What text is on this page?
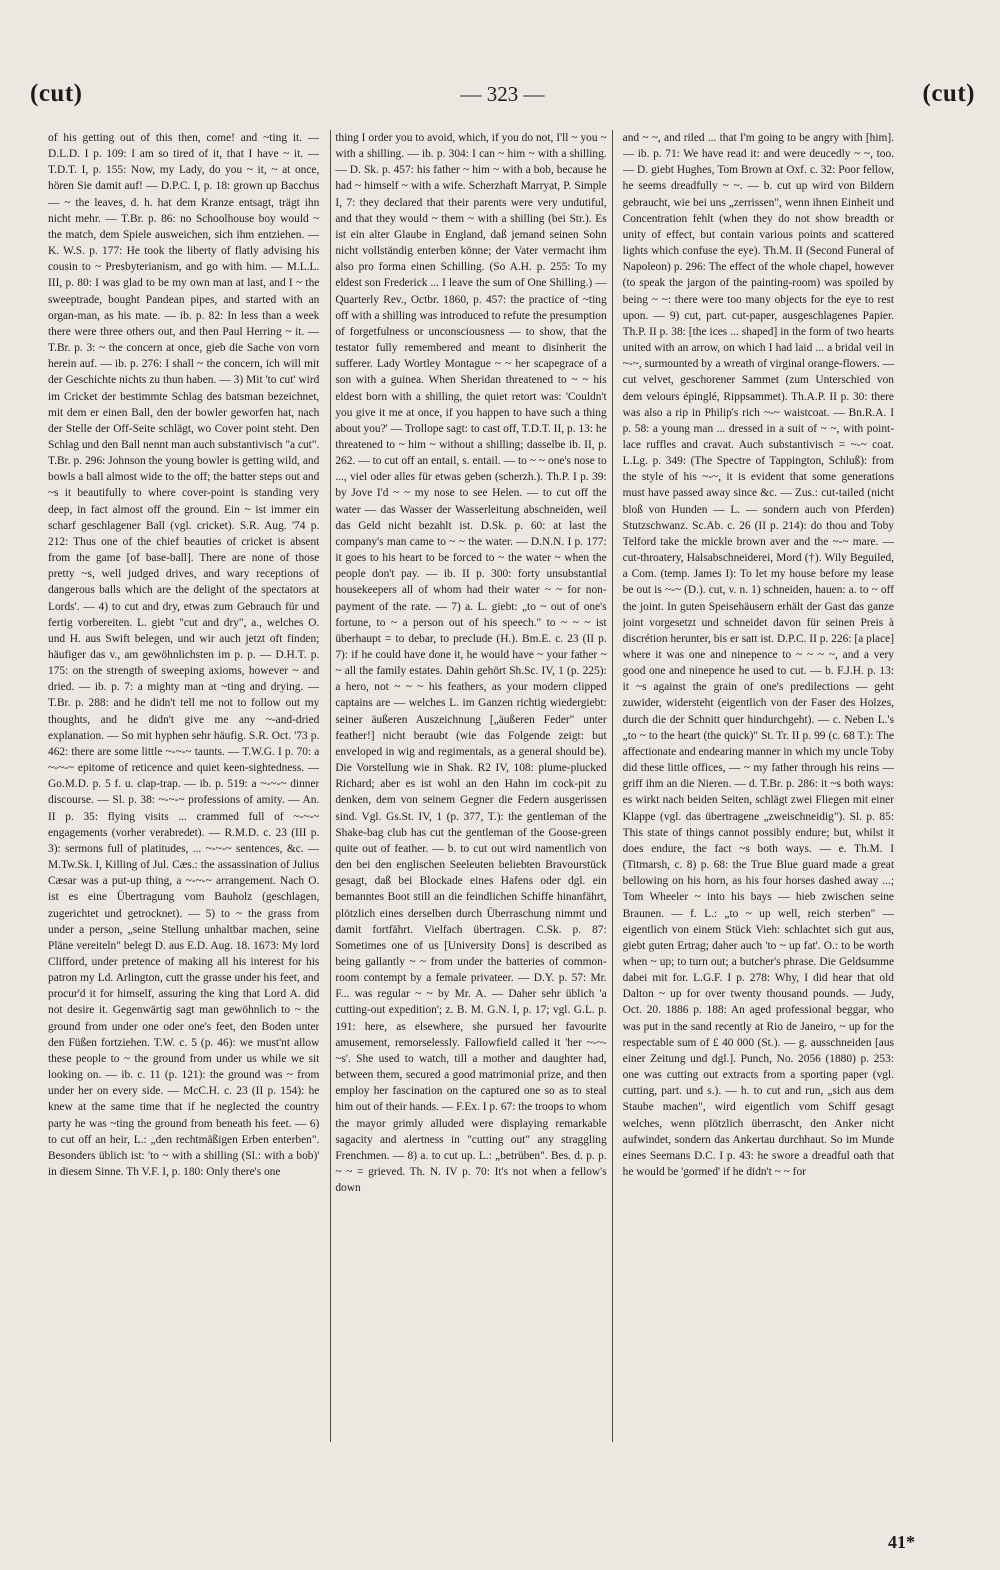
(cut)	— 323 —	(cut)
of his getting out of this then, come! and ~ting it. — D.L.D. I p. 109: I am so tired of it, that I have ~ it. — T.D.T. I, p. 155: Now, my Lady, do you ~ it, ~ at once, hören Sie damit auf! — D.P.C. I, p. 18: grown up Bacchus — ~ the leaves, d. h. hat dem Kranze entsagt, trägt ihn nicht mehr. — T.Br. p. 86: no Schoolhouse boy would ~ the match, dem Spiele ausweichen, sich ihm entziehen. — K. W.S. p. 177: He took the liberty of flatly advising his cousin to ~ Presbyterianism, and go with him. — M.L.L. III, p. 80: I was glad to be my own man at last, and I ~ the sweeptrade, bought Pandean pipes, and started with an organ-man, as his mate. — ib. p. 82: In less than a week there were three others out, and then Paul Herring ~ it. — T.Br. p. 3: ~ the concern at once, gieb die Sache von vorn herein auf. — ib. p. 276: I shall ~ the concern, ich will mit der Geschichte nichts zu thun haben. — 3) Mit 'to cut' wird im Cricket der bestimmte Schlag des batsman bezeichnet, mit dem er einen Ball, den der bowler geworfen hat, nach der Stelle der Off-Seite schlägt, wo Cover point steht. Den Schlag und den Ball nennt man auch substantivisch "a cut". T.Br. p. 296: Johnson the young bowler is getting wild, and bowls a ball almost wide to the off; the batter steps out and ~s it beautifully to where cover-point is standing very deep, in fact almost off the ground. Ein ~ ist immer ein scharf geschlagener Ball (vgl. cricket). S.R. Aug. '74 p. 212: Thus one of the chief beauties of cricket is absent from the game [of base-ball]. There are none of those pretty ~s, well judged drives, and wary receptions of dangerous balls which are the delight of the spectators at Lords'. — 4) to cut and dry, etwas zum Gebrauch für und fertig vorbereiten. L. giebt "cut and dry", a., welches O. und H. aus Swift belegen, und wir auch jetzt oft finden; häufiger das v., am gewöhnlichsten im p. p. — D.H.T. p. 175: on the strength of sweeping axioms, however ~ and dried. — ib. p. 7: a mighty man at ~ting and drying. — T.Br. p. 288: and he didn't tell me not to follow out my thoughts, and he didn't give me any ~-and-dried explanation. — So mit hyphen sehr häufig. S.R. Oct. '73 p. 462: there are some little ~-~-~ taunts. — T.W.G. I p. 70: a ~-~-~ epitome of reticence and quiet keen-sightedness. — Go.M.D. p. 5 f. u. clap-trap. — ib. p. 519: a ~-~-~ dinner discourse. — Sl. p. 38: ~-~-~ professions of amity. — An. II p. 35: flying visits ... crammed full of ~-~-~ engagements (vorher verabredet). — R.M.D. c. 23 (III p. 3): sermons full of platitudes, ... ~-~-~ sentences, &c. — M.Tw.Sk. I, Killing of Jul. Cæs.: the assassination of Julius Cæsar was a put-up thing, a ~-~-~ arrangement. Nach O. ist es eine Übertragung vom Bauholz (geschlagen, zugerichtet und getrocknet). — 5) to ~ the grass from under a person, „seine Stellung unhaltbar machen, seine Pläne vereiteln" belegt D. aus E.D. Aug. 18. 1673: My lord Clifford, under pretence of making all his interest for his patron my Ld. Arlington, cutt the grasse under his feet, and procur'd it for himself, assuring the king that Lord A. did not desire it. Gegenwärtig sagt man gewöhnlich to ~ the ground from under one oder one's feet, den Boden unter den Füßen fortziehen. T.W. c. 5 (p. 46): we must'nt allow these people to ~ the ground from under us while we sit looking on. — ib. c. 11 (p. 121): the ground was ~ from under her on every side. — McC.H. c. 23 (II p. 154): he knew at the same time that if he neglected the country party he was ~ting the ground from beneath his feet. — 6) to cut off an heir, L.: „den rechtmäßigen Erben enterben". Besonders üblich ist: 'to ~ with a shilling (Sl.: with a bob)' in diesem Sinne. Th V.F. I, p. 180: Only there's one
thing I order you to avoid, which, if you do not, I'll ~ you ~ with a shilling. — ib. p. 304: I can ~ him ~ with a shilling. — D. Sk. p. 457: his father ~ him ~ with a bob, because he had ~ himself ~ with a wife. Scherzhaft Marryat, P. Simple I, 7: they declared that their parents were very undutiful, and that they would ~ them ~ with a shilling (bei Str.). Es ist ein alter Glaube in England, daß jemand seinen Sohn nicht vollständig enterben könne; der Vater vermacht ihm also pro forma einen Schilling. (So A.H. p. 255: To my eldest son Frederick ... I leave the sum of One Shilling.) — Quarterly Rev., Octbr. 1860, p. 457: the practice of ~ting off with a shilling was introduced to refute the presumption of forgetfulness or unconsciousness — to show, that the testator fully remembered and meant to disinherit the sufferer. Lady Wortley Montague ~ ~ her scapegrace of a son with a guinea. When Sheridan threatened to ~ ~ his eldest born with a shilling, the quiet retort was: 'Couldn't you give it me at once, if you happen to have such a thing about you?' — Trollope sagt: to cast off, T.D.T. II, p. 13: he threatened to ~ him ~ without a shilling; dasselbe ib. II, p. 262. — to cut off an entail, s. entail. — to ~ ~ one's nose to ..., viel oder alles für etwas geben (scherzh.). Th.P. I p. 39: by Jove I'd ~ ~ my nose to see Helen. — to cut off the water — das Wasser der Wasserleitung abschneiden, weil das Geld nicht bezahlt ist. D.Sk. p. 60: at last the company's man came to ~ ~ the water. — D.N.N. I p. 177: it goes to his heart to be forced to ~ the water ~ when the people don't pay. — ib. II p. 300: forty unsubstantial housekeepers all of whom had their water ~ ~ for non-payment of the rate. — 7) a. L. giebt: „to ~ out of one's fortune, to ~ a person out of his speech." to ~ ~ ~ ist überhaupt = to debar, to preclude (H.). Bm.E. c. 23 (II p. 7): if he could have done it, he would have ~ your father ~ ~ all the family estates. Dahin gehört Sh.Sc. IV, 1 (p. 225): a hero, not ~ ~ ~ his feathers, as your modern clipped captains are — welches L. im Ganzen richtig wiedergiebt: seiner äußeren Auszeichnung [„äußeren Feder" unter feather!] nicht beraubt (wie das Folgende zeigt: but enveloped in wig and regimentals, as a general should be). Die Vorstellung wie in Shak. R2 IV, 108: plume-plucked Richard; aber es ist wohl an den Hahn im cock-pit zu denken, dem von seinem Gegner die Federn ausgerissen sind. Vgl. Gs.St. IV, 1 (p. 377, T.): the gentleman of the Shake-bag club has cut the gentleman of the Goose-green quite out of feather. — b. to cut out wird namentlich von den bei den englischen Seeleuten beliebten Bravourstück gesagt, daß bei Blockade eines Hafens oder dgl. ein bemanntes Boot still an die feindlichen Schiffe hinanfährt, plötzlich eines derselben durch Überraschung nimmt und damit fortfährt. Vielfach übertragen. C.Sk. p. 87: Sometimes one of us [University Dons] is described as being gallantly ~ ~ from under the batteries of common-room contempt by a female privateer. — D.Y. p. 57: Mr. F... was regular ~ ~ by Mr. A. — Daher sehr üblich 'a cutting-out expedition'; z. B. M. G.N. I, p. 17; vgl. G.L. p. 191: here, as elsewhere, she pursued her favourite amusement, remorselessly. Fallowfield called it 'her ~-~-~s'. She used to watch, till a mother and daughter had, between them, secured a good matrimonial prize, and then employ her fascination on the captured one so as to steal him out of their hands. — F.Ex. I p. 67: the troops to whom the mayor grimly alluded were displaying remarkable sagacity and alertness in "cutting out" any straggling Frenchmen. — 8) a. to cut up. L.: „betrüben". Bes. d. p. p. ~ ~ = grieved. Th. N. IV p. 70: It's not when a fellow's down
and ~ ~, and riled ... that I'm going to be angry with [him]. — ib. p. 71: We have read it: and were deucedly ~ ~, too. — D. giebt Hughes, Tom Brown at Oxf. c. 32: Poor fellow, he seems dreadfully ~ ~. — b. cut up wird von Bildern gebraucht, wie bei uns „zerrissen", wenn ihnen Einheit und Concentration fehlt (when they do not show breadth or unity of effect, but contain various points and scattered lights which confuse the eye). Th.M. II (Second Funeral of Napoleon) p. 296: The effect of the whole chapel, however (to speak the jargon of the painting-room) was spoiled by being ~ ~: there were too many objects for the eye to rest upon. — 9) cut, part. cut-paper, ausgeschlagenes Papier. Th.P. II p. 38: [the ices ... shaped] in the form of two hearts united with an arrow, on which I had laid ... a bridal veil in ~-~, surmounted by a wreath of virginal orange-flowers. — cut velvet, geschorener Sammet (zum Unterschied von dem velours épinglé, Rippsammet). Th.A.P. II p. 30: there was also a rip in Philip's rich ~-~ waistcoat. — Bn.R.A. I p. 58: a young man ... dressed in a suit of ~ ~, with point-lace ruffles and cravat. Auch substantivisch = ~-~ coat. L.Lg. p. 349: (The Spectre of Tappington, Schluß): from the style of his ~-~, it is evident that some generations must have passed away since &c. — Zus.: cut-tailed (nicht bloß von Hunden — L. — sondern auch von Pferden) Stutzschwanz. Sc.Ab. c. 26 (II p. 214): do thou and Toby Telford take the mickle brown aver and the ~-~ mare. — cut-throatery, Halsabschneiderei, Mord (†). Wily Beguiled, a Com. (temp. James I): To let my house before my lease be out is ~-~ (D.). cut, v. n. 1) schneiden, hauen: a. to ~ off the joint. In guten Speisehäusern erhält der Gast das ganze joint vorgesetzt und schneidet davon für seinen Preis à discrétion herunter, bis er satt ist. D.P.C. II p. 226: [a place] where it was one and ninepence to ~ ~ ~ ~, and a very good one and ninepence he used to cut. — b. F.J.H. p. 13: it ~s against the grain of one's predilections — geht zuwider, widersteht (eigentlich von der Faser des Holzes, durch die der Schnitt quer hindurchgeht). — c. Neben L.'s „to ~ to the heart (the quick)" St. Tr. II p. 99 (c. 68 T.): The affectionate and endearing manner in which my uncle Toby did these little offices, — ~ my father through his reins — griff ihm an die Nieren. — d. T.Br. p. 286: it ~s both ways: es wirkt nach beiden Seiten, schlägt zwei Fliegen mit einer Klappe (vgl. das übertragene „zweischneidig"). Sl. p. 85: This state of things cannot possibly endure; but, whilst it does endure, the fact ~s both ways. — e. Th.M. I (Titmarsh, c. 8) p. 68: the True Blue guard made a great bellowing on his horn, as his four horses dashed away ...; Tom Wheeler ~ into his bays — hieb zwischen seine Braunen. — f. L.: „to ~ up well, reich sterben" — eigentlich von einem Stück Vieh: schlachtet sich gut aus, giebt guten Ertrag; daher auch 'to ~ up fat'. O.: to be worth when ~ up; to turn out; a butcher's phrase. Die Geldsumme dabei mit for. L.G.F. I p. 278: Why, I did hear that old Dalton ~ up for over twenty thousand pounds. — Judy, Oct. 20. 1886 p. 188: An aged professional beggar, who was put in the sand recently at Rio de Janeiro, ~ up for the respectable sum of £ 40 000 (St.). — g. ausschneiden [aus einer Zeitung und dgl.]. Punch, No. 2056 (1880) p. 253: one was cutting out extracts from a sporting paper (vgl. cutting, part. und s.). — h. to cut and run, „sich aus dem Staube machen", wird eigentlich vom Schiff gesagt welches, wenn plötzlich überrascht, den Anker nicht aufwindet, sondern das Ankertau durchhaut. So im Munde eines Seemans D.C. I p. 43: he swore a dreadful oath that he would be 'gormed' if he didn't ~ ~ for
41*
